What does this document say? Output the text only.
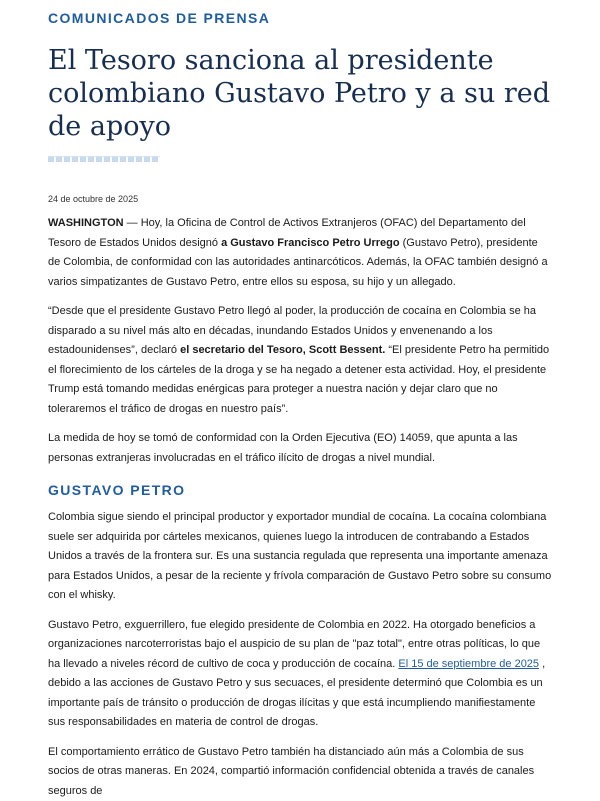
COMUNICADOS DE PRENSA
El Tesoro sanciona al presidente colombiano Gustavo Petro y a su red de apoyo
24 de octubre de 2025

WASHINGTON — Hoy, la Oficina de Control de Activos Extranjeros (OFAC) del Departamento del Tesoro de Estados Unidos designó a Gustavo Francisco Petro Urrego (Gustavo Petro), presidente de Colombia, de conformidad con las autoridades antinarcóticos. Además, la OFAC también designó a varios simpatizantes de Gustavo Petro, entre ellos su esposa, su hijo y un allegado.

“Desde que el presidente Gustavo Petro llegó al poder, la producción de cocaína en Colombia se ha disparado a su nivel más alto en décadas, inundando Estados Unidos y envenenando a los estadounidenses”, declaró el secretario del Tesoro, Scott Bessent. “El presidente Petro ha permitido el florecimiento de los cárteles de la droga y se ha negado a detener esta actividad. Hoy, el presidente Trump está tomando medidas enérgicas para proteger a nuestra nación y dejar claro que no toleraremos el tráfico de drogas en nuestro país”.

La medida de hoy se tomó de conformidad con la Orden Ejecutiva (EO) 14059, que apunta a las personas extranjeras involucradas en el tráfico ilícito de drogas a nivel mundial.

GUSTAVO PETRO

Colombia sigue siendo el principal productor y exportador mundial de cocaína. La cocaína colombiana suele ser adquirida por cárteles mexicanos, quienes luego la introducen de contrabando a Estados Unidos a través de la frontera sur. Es una sustancia regulada que representa una importante amenaza para Estados Unidos, a pesar de la reciente y frívola comparación de Gustavo Petro sobre su consumo con el whisky.

Gustavo Petro, exguerrillero, fue elegido presidente de Colombia en 2022. Ha otorgado beneficios a organizaciones narcoterroristas bajo el auspicio de su plan de "paz total", entre otras políticas, lo que ha llevado a niveles récord de cultivo de coca y producción de cocaína. El 15 de septiembre de 2025 , debido a las acciones de Gustavo Petro y sus secuaces, el presidente determinó que Colombia es un importante país de tránsito o producción de drogas ilícitas y que está incumpliendo manifiestamente sus responsabilidades en materia de control de drogas.

El comportamiento errático de Gustavo Petro también ha distanciado aún más a Colombia de sus socios de otras maneras. En 2024, compartió información confidencial obtenida a través de canales seguros de
